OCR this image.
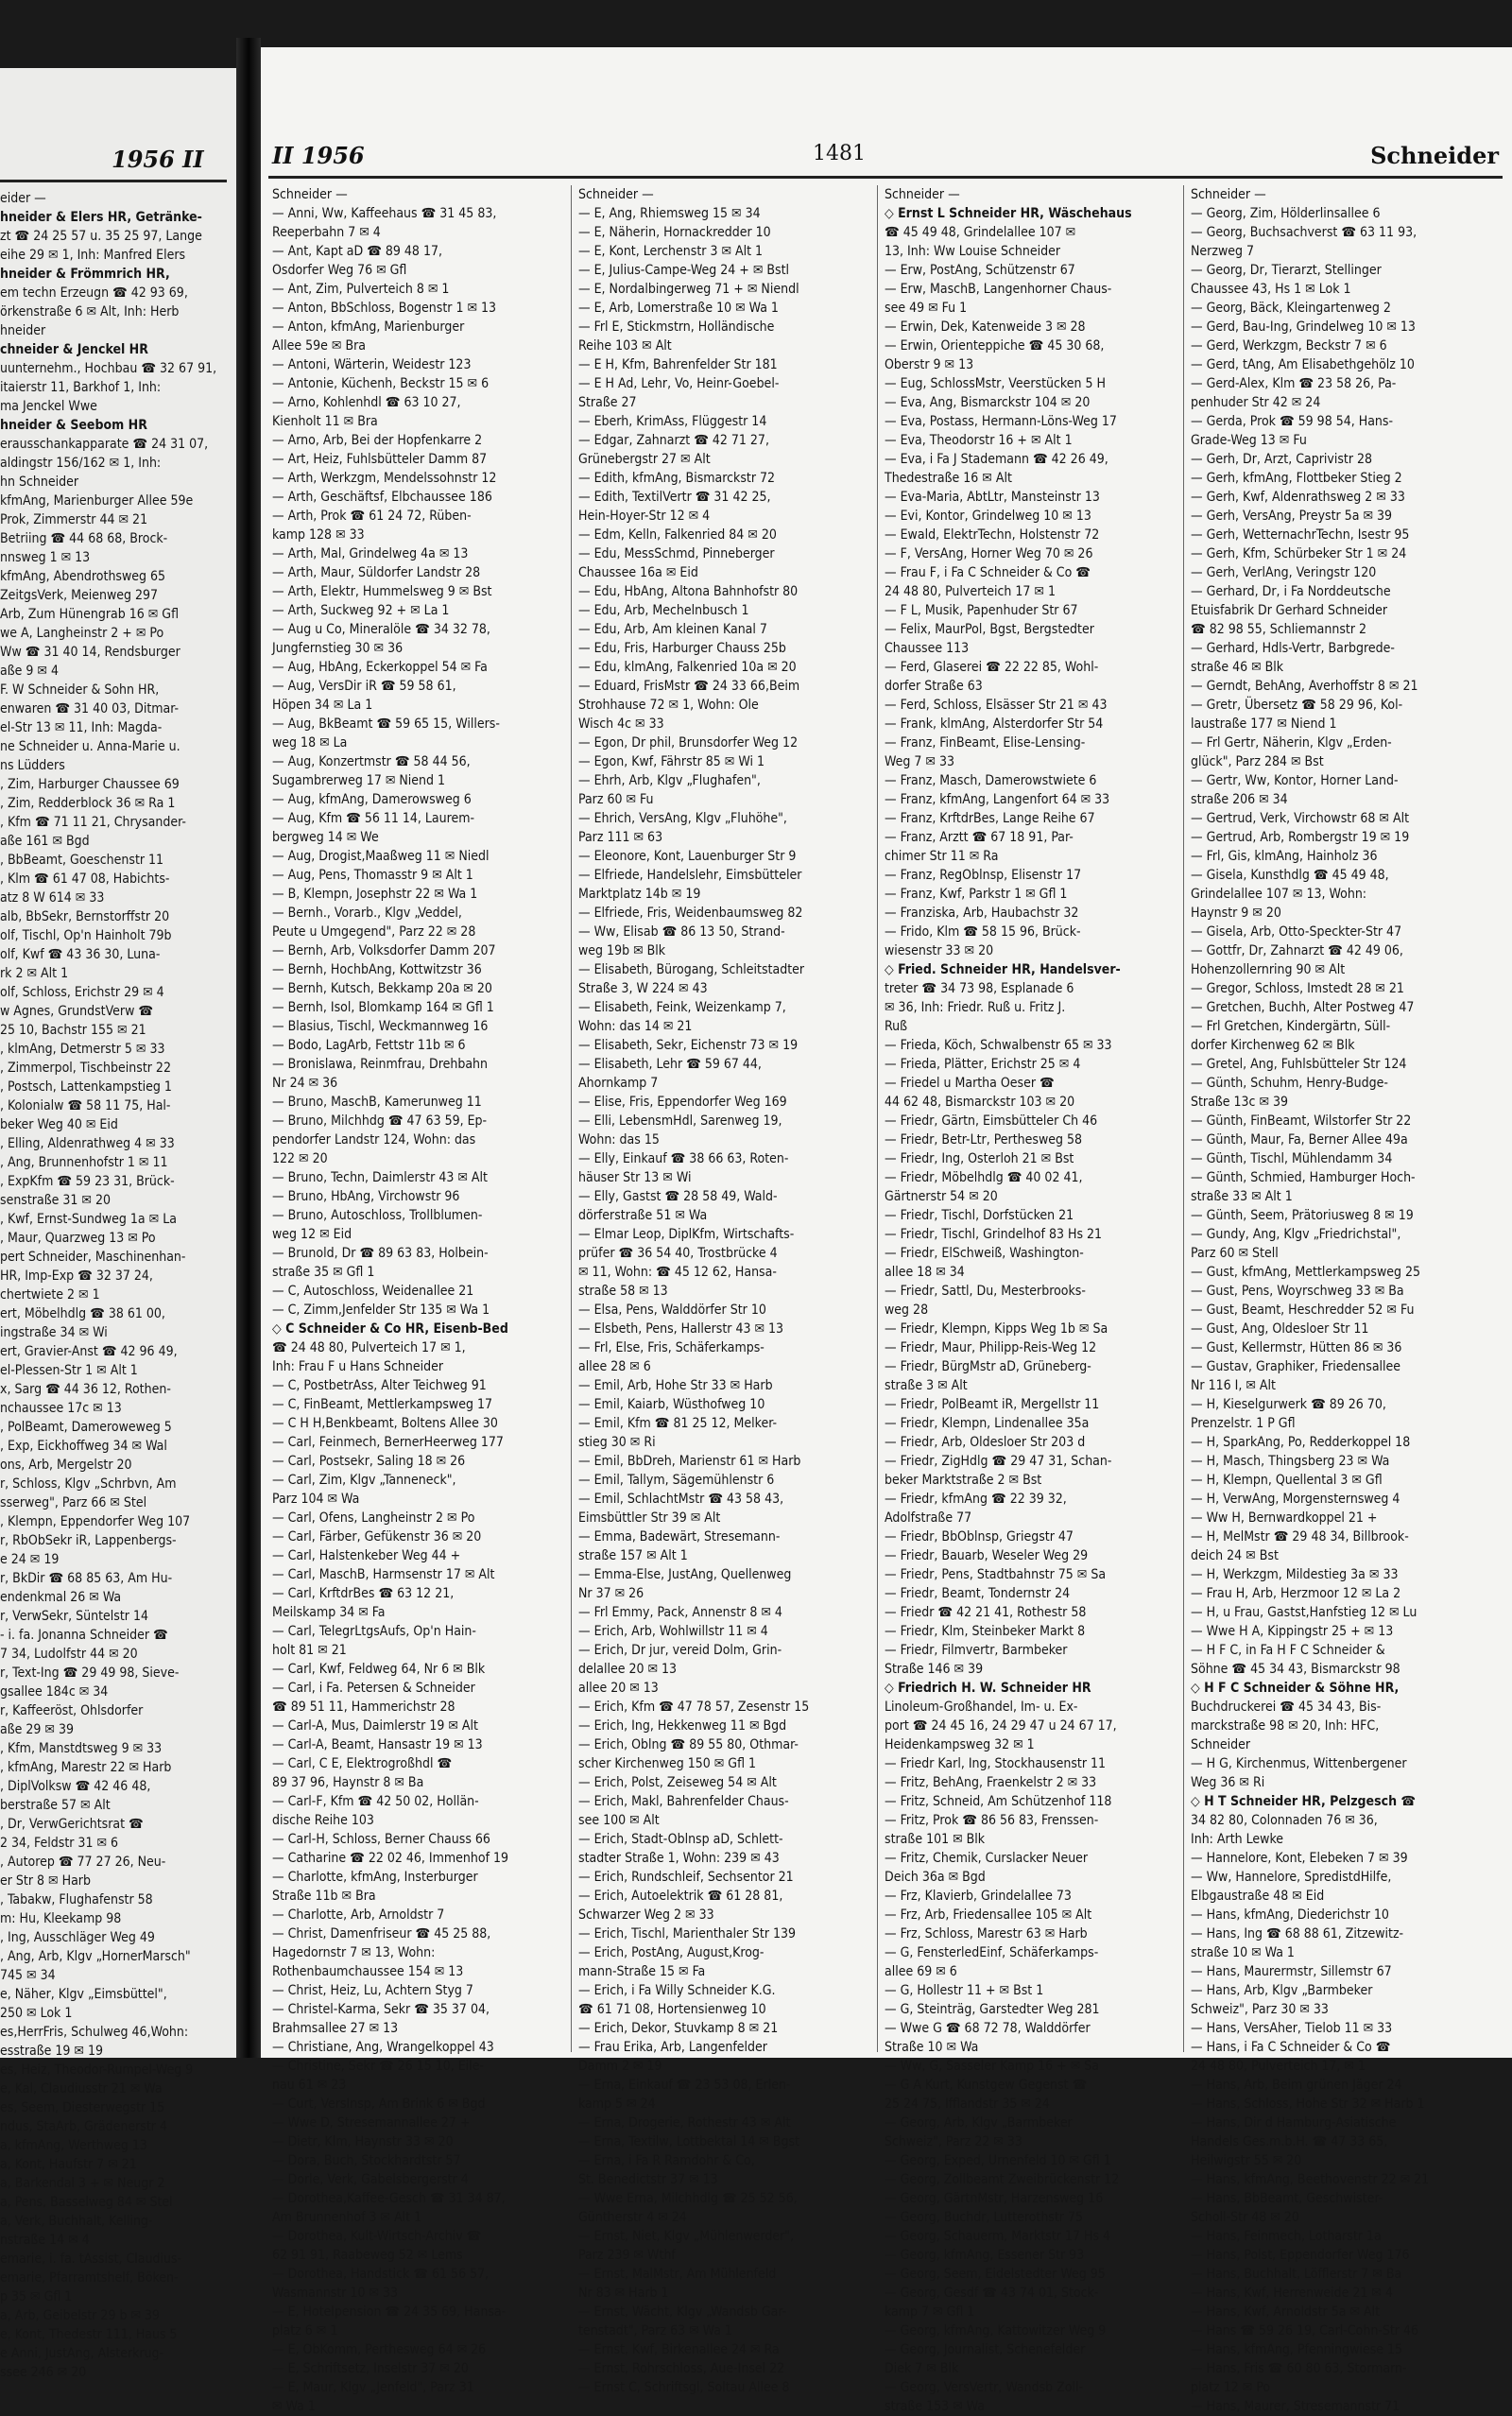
1956 II
eider —
hneider & Elers HR, Getränke-
zt ☎ 24 25 57 u. 35 25 97, Lange
eihe 29 ✉ 1, Inh: Manfred Elers
hneider & Frömmrich HR,
em techn Erzeugn ☎ 42 93 69,
örkenstraße 6 ✉ Alt, Inh: Herb
hneider
chneider & Jenckel HR
uunternehm., Hochbau ☎ 32 67 91,
itaierstr 11, Barkhof 1, Inh:
ma Jenckel Wwe
hneider & Seebom HR
erausschankapparate ☎ 24 31 07,
aldingstr 156/162 ✉ 1, Inh:
hn Schneider
kfmAng, Marienburger Allee 59e
Prok, Zimmerstr 44 ✉ 21
Betriing ☎ 44 68 68, Brock-
nnsweg 1 ✉ 13
kfmAng, Abendrothsweg 65
ZeitgsVerk, Meienweg 297
Arb, Zum Hünengrab 16 ✉ Gfl
we A, Langheinstr 2 + ✉ Po
Ww ☎ 31 40 14, Rendsburger
aße 9 ✉ 4
F. W Schneider & Sohn HR,
enwaren ☎ 31 40 03, Ditmar-
el-Str 13 ✉ 11, Inh: Magda-
ne Schneider u. Anna-Marie u.
ns Lüdders
, Zim, Harburger Chaussee 69
, Zim, Redderblock 36 ✉ Ra 1
, Kfm ☎ 71 11 21, Chrysander-
aße 161 ✉ Bgd
, BbBeamt, Goeschenstr 11
, Klm ☎ 61 47 08, Habichts-
atz 8 W 614 ✉ 33
alb, BbSekr, Bernstorffstr 20
olf, Tischl, Op'n Hainholt 79b
olf, Kwf ☎ 43 36 30, Luna-
rk 2 ✉ Alt 1
olf, Schloss, Erichstr 29 ✉ 4
w Agnes, GrundstVerw ☎
25 10, Bachstr 155 ✉ 21
, klmAng, Detmerstr 5 ✉ 33
, Zimmerpol, Tischbeinstr 22
, Postsch, Lattenkampstieg 1
, Kolonialw ☎ 58 11 75, Hal-
beker Weg 40 ✉ Eid
, Elling, Aldenrathweg 4 ✉ 33
, Ang, Brunnenhofstr 1 ✉ 11
, ExpKfm ☎ 59 23 31, Brück-
senstraße 31 ✉ 20
, Kwf, Ernst-Sundweg 1a ✉ La
, Maur, Quarzweg 13 ✉ Po
pert Schneider, Maschinenhan-
HR, Imp-Exp ☎ 32 37 24,
chertwiete 2 ✉ 1
ert, Möbelhdlg ☎ 38 61 00,
ingstraße 34 ✉ Wi
ert, Gravier-Anst ☎ 42 96 49,
el-Plessen-Str 1 ✉ Alt 1
x, Sarg ☎ 44 36 12, Rothen-
nchaussee 17c ✉ 13
, PolBeamt, Dameroweweg 5
, Exp, Eickhoffweg 34 ✉ Wal
ons, Arb, Mergelstr 20
r, Schloss, Klgv „Schrbvn, Am
sserweg", Parz 66 ✉ Stel
, Klempn, Eppendorfer Weg 107
r, RbObSekr iR, Lappenbergs-
e 24 ✉ 19
r, BkDir ☎ 68 85 63, Am Hu-
endenkmal 26 ✉ Wa
r, VerwSekr, Süntelstr 14
- i. fa. Jonanna Schneider ☎
7 34, Ludolfstr 44 ✉ 20
r, Text-Ing ☎ 29 49 98, Sieve-
gsallee 184c ✉ 34
r, Kaffeeröst, Ohlsdorfer
aße 29 ✉ 39
, Kfm, Manstdtsweg 9 ✉ 33
, kfmAng, Marestr 22 ✉ Harb
, DiplVolksw ☎ 42 46 48,
berstraße 57 ✉ Alt
, Dr, VerwGerichtsrat ☎
2 34, Feldstr 31 ✉ 6
, Autorep ☎ 77 27 26, Neu-
er Str 8 ✉ Harb
, Tabakw, Flughafenstr 58
m: Hu, Kleekamp 98
, Ing, Ausschläger Weg 49
, Ang, Arb, Klgv „HornerMarsch"
745 ✉ 34
e, Näher, Klgv „Eimsbüttel",
250 ✉ Lok 1
es,HerrFris, Schulweg 46,Wohn:
esstraße 19 ✉ 19
es, Heiz, Theodor-Rumpel-Weg 9
e, Kal, Claudiusstr 21 ✉ Wa
es, Seem, Diesterwegstr 15
ndus, StaArb, Grädenerstr 4
a, kfmAng, Werthweg 13
a, Kont, Haufstr 7 ✉ 21
a, Barkendal 3 + ✉ Neugr 2
a, Pens, Basselweg 84 ✉ Stel
a, Verk, Buchhalt, Kelling-
nstraße 14 ✉ 4
emarie, i. fa. tAssist, Claudius-
emarie, Pfarramtshelf, Böken-
p 35 ✉ Gfl 1
a, Arb, Geibelstr 29 b ✉ 39
e, Kont, Thedestr 111, Haus 5
e Anni, JustAng, Alsterkrug-
ssee 246 ✉ 20
II 1956	1481	Schneider
Schneider —
— Anni, Ww, Kaffeehaus ☎ 31 45 83,
Reeperbahn 7 ✉ 4
— Ant, Kapt aD ☎ 89 48 17,
Osdorfer Weg 76 ✉ Gfl
— Ant, Zim, Pulverteich 8 ✉ 1
— Anton, BbSchloss, Bogenstr 1 ✉ 13
— Anton, kfmAng, Marienburger
Allee 59e ✉ Bra
— Antoni, Wärterin, Weidestr 123
— Antonie, Küchenh, Beckstr 15 ✉ 6
— Arno, Kohlenhdl ☎ 63 10 27,
Kienholt 11 ✉ Bra
— Arno, Arb, Bei der Hopfenkarre 2
— Art, Heiz, Fuhlsbütteler Damm 87
— Arth, Werkzgm, Mendelssohnstr 12
— Arth, Geschäftsf, Elbchaussee 186
— Arth, Prok ☎ 61 24 72, Rüben-
kamp 128 ✉ 33
— Arth, Mal, Grindelweg 4a ✉ 13
— Arth, Maur, Süldorfer Landstr 28
— Arth, Elektr, Hummelsweg 9 ✉ Bst
— Arth, Suckweg 92 + ✉ La 1
— Aug u Co, Mineralöle ☎ 34 32 78,
Jungfernstieg 30 ✉ 36
— Aug, HbAng, Eckerkoppel 54 ✉ Fa
— Aug, VersDir iR ☎ 59 58 61,
Höpen 34 ✉ La 1
— Aug, BkBeamt ☎ 59 65 15, Willers-
weg 18 ✉ La
— Aug, Konzertmstr ☎ 58 44 56,
Sugambrerweg 17 ✉ Niend 1
— Aug, kfmAng, Damerowsweg 6
— Aug, Kfm ☎ 56 11 14, Laurem-
bergweg 14 ✉ We
— Aug, Drogist,Maaßweg 11 ✉ Niedl
— Aug, Pens, Thomasstr 9 ✉ Alt 1
— B, Klempn, Josephstr 22 ✉ Wa 1
— Bernh., Vorarb., Klgv „Veddel,
Peute u Umgegend", Parz 22 ✉ 28
— Bernh, Arb, Volksdorfer Damm 207
— Bernh, HochbAng, Kottwitzstr 36
— Bernh, Kutsch, Bekkamp 20a ✉ 20
— Bernh, Isol, Blomkamp 164 ✉ Gfl 1
— Blasius, Tischl, Weckmannweg 16
— Bodo, LagArb, Fettstr 11b ✉ 6
— Bronislawa, Reinmfrau, Drehbahn
Nr 24 ✉ 36
— Bruno, MaschB, Kamerunweg 11
— Bruno, Milchhdg ☎ 47 63 59, Ep-
pendorfer Landstr 124, Wohn: das
122 ✉ 20
— Bruno, Techn, Daimlerstr 43 ✉ Alt
— Bruno, HbAng, Virchowstr 96
— Bruno, Autoschloss, Trollblumen-
weg 12 ✉ Eid
— Brunold, Dr ☎ 89 63 83, Holbein-
straße 35 ✉ Gfl 1
— C, Autoschloss, Weidenallee 21
— C, Zimm,Jenfelder Str 135 ✉ Wa 1
◇ C Schneider & Co HR, Eisenb-Bed
☎ 24 48 80, Pulverteich 17 ✉ 1,
Inh: Frau F u Hans Schneider
— C, PostbetrAss, Alter Teichweg 91
— C, FinBeamt, Mettlerkampsweg 17
— C H H,Benkbeamt, Boltens Allee 30
— Carl, Feinmech, BernerHeerweg 177
— Carl, Postsekr, Saling 18 ✉ 26
— Carl, Zim, Klgv „Tanneneck",
Parz 104 ✉ Wa
— Carl, Ofens, Langheinstr 2 ✉ Po
— Carl, Färber, Gefükenstr 36 ✉ 20
— Carl, Halstenkeber Weg 44 +
— Carl, MaschB, Harmsenstr 17 ✉ Alt
— Carl, KrftdrBes ☎ 63 12 21,
Meilskamp 34 ✉ Fa
— Carl, TelegrLtgsAufs, Op'n Hain-
holt 81 ✉ 21
— Carl, Kwf, Feldweg 64, Nr 6 ✉ Blk
— Carl, i Fa. Petersen & Schneider
☎ 89 51 11, Hammerichstr 28
— Carl-A, Mus, Daimlerstr 19 ✉ Alt
— Carl-A, Beamt, Hansastr 19 ✉ 13
— Carl, C E, Elektrogroßhdl ☎
89 37 96, Haynstr 8 ✉ Ba
— Carl-F, Kfm ☎ 42 50 02, Hollän-
dische Reihe 103
— Carl-H, Schloss, Berner Chauss 66
— Catharine ☎ 22 02 46, Immenhof 19
— Charlotte, kfmAng, Insterburger
Straße 11b ✉ Bra
— Charlotte, Arb, Arnoldstr 7
— Christ, Damenfriseur ☎ 45 25 88,
Hagedornstr 7 ✉ 13, Wohn:
Rothenbaumchaussee 154 ✉ 13
— Christ, Heiz, Lu, Achtern Styg 7
— Christel-Karma, Sekr ☎ 35 37 04,
Brahmsallee 27 ✉ 13
— Christiane, Ang, Wrangelkoppel 43
— Christine, Sekr ☎ 26 15 10, Eile-
nau 61 ✉ 23
— Curt, VersInsp, Am Brink 6 ✉ Bgd
— Wwe D, Stresemannallee 27 +
— Dietr, Klm, Haynstr 33 ✉ 20
— Dora, Buch, Stockhardtstr 57
— Dorle, Verk, Gabelsbergerstr 4
— Dorothea,Kaffee-Gesch ☎ 31 34 87,
Am Brunnenhof 3 ✉ Alt 1
— Dorothea, Kult-Wirtsch-Archiv ☎
62 91 91, Raabeweg 52 ✉ Lems
— Dorothea, Handstick ☎ 61 56 57,
Wasmannstr 10 ✉ 33
— E, Hotelpension ☎ 24 35 69, Hansa-
platz 6 ✉ 1
— E, ObKomm, Perthesweg 64 ✉ 26
— E, Schriftsetz, Inselstr 37 ✉ 20
— E, Maur, Klgv „Jenfeld", Parz 31
✉ Wa 1
Schneider —
— E, Ang, Rhiemsweg 15 ✉ 34
— E, Näherin, Hornackredder 10
— E, Kont, Lerchenstr 3 ✉ Alt 1
— E, Julius-Campe-Weg 24 + ✉ Bstl
— E, Nordalbingerweg 71 + ✉ Niendl
— E, Arb, Lomerstraße 10 ✉ Wa 1
— Frl E, Stickmstrn, Holländische
Reihe 103 ✉ Alt
— E H, Kfm, Bahrenfelder Str 181
— E H Ad, Lehr, Vo, Heinr-Goebel-
Straße 27
— Eberh, KrimAss, Flüggestr 14
— Edgar, Zahnarzt ☎ 42 71 27,
Grünebergstr 27 ✉ Alt
— Edith, kfmAng, Bismarckstr 72
— Edith, TextilVertr ☎ 31 42 25,
Hein-Hoyer-Str 12 ✉ 4
— Edm, Kelln, Falkenried 84 ✉ 20
— Edu, MessSchmd, Pinneberger
Chaussee 16a ✉ Eid
— Edu, HbAng, Altona Bahnhofstr 80
— Edu, Arb, Mechelnbusch 1
— Edu, Arb, Am kleinen Kanal 7
— Edu, Fris, Harburger Chauss 25b
— Edu, klmAng, Falkenried 10a ✉ 20
— Eduard, FrisMstr ☎ 24 33 66,Beim
Strohhause 72 ✉ 1, Wohn: Ole
Wisch 4c ✉ 33
— Egon, Dr phil, Brunsdorfer Weg 12
— Egon, Kwf, Fährstr 85 ✉ Wi 1
— Ehrh, Arb, Klgv „Flughafen",
Parz 60 ✉ Fu
— Ehrich, VersAng, Klgv „Fluhöhe",
Parz 111 ✉ 63
— Eleonore, Kont, Lauenburger Str 9
— Elfriede, Handelslehr, Eimsbütteler
Marktplatz 14b ✉ 19
— Elfriede, Fris, Weidenbaumsweg 82
— Ww, Elisab ☎ 86 13 50, Strand-
weg 19b ✉ Blk
— Elisabeth, Bürogang, Schleitstadter
Straße 3, W 224 ✉ 43
— Elisabeth, Feink, Weizenkamp 7,
Wohn: das 14 ✉ 21
— Elisabeth, Sekr, Eichenstr 73 ✉ 19
— Elisabeth, Lehr ☎ 59 67 44,
Ahornkamp 7
— Elise, Fris, Eppendorfer Weg 169
— Elli, LebensmHdl, Sarenweg 19,
Wohn: das 15
— Elly, Einkauf ☎ 38 66 63, Roten-
häuser Str 13 ✉ Wi
— Elly, Gastst ☎ 28 58 49, Wald-
dörferstraße 51 ✉ Wa
— Elmar Leop, DiplKfm, Wirtschafts-
prüfer ☎ 36 54 40, Trostbrücke 4
✉ 11, Wohn: ☎ 45 12 62, Hansa-
straße 58 ✉ 13
— Elsa, Pens, Walddörfer Str 10
— Elsbeth, Pens, Hallerstr 43 ✉ 13
— Frl, Else, Fris, Schäferkamps-
allee 28 ✉ 6
— Emil, Arb, Hohe Str 33 ✉ Harb
— Emil, Kaiarb, Wüsthofweg 10
— Emil, Kfm ☎ 81 25 12, Melker-
stieg 30 ✉ Ri
— Emil, BbDreh, Marienstr 61 ✉ Harb
— Emil, Tallym, Sägemühlenstr 6
— Emil, SchlachtMstr ☎ 43 58 43,
Eimsbüttler Str 39 ✉ Alt
— Emma, Badewärt, Stresemann-
straße 157 ✉ Alt 1
— Emma-Else, JustAng, Quellenweg
Nr 37 ✉ 26
— Frl Emmy, Pack, Annenstr 8 ✉ 4
— Erich, Arb, Wohlwillstr 11 ✉ 4
— Erich, Dr jur, vereid Dolm, Grin-
delallee 20 ✉ 13
allee 20 ✉ 13
— Erich, Kfm ☎ 47 78 57, Zesenstr 15
— Erich, Ing, Hekkenweg 11 ✉ Bgd
— Erich, Oblng ☎ 89 55 80, Othmar-
scher Kirchenweg 150 ✉ Gfl 1
— Erich, Polst, Zeiseweg 54 ✉ Alt
— Erich, Makl, Bahrenfelder Chaus-
see 100 ✉ Alt
— Erich, Stadt-Oblnsp aD, Schlett-
stadter Straße 1, Wohn: 239 ✉ 43
— Erich, Rundschleif, Sechsentor 21
— Erich, Autoelektrik ☎ 61 28 81,
Schwarzer Weg 2 ✉ 33
— Erich, Tischl, Marienthaler Str 139
— Erich, PostAng, August,Krog-
mann-Straße 15 ✉ Fa
— Erich, i Fa Willy Schneider K.G.
☎ 61 71 08, Hortensienweg 10
— Erich, Dekor, Stuvkamp 8 ✉ 21
— Frau Erika, Arb, Langenfelder
Damm 2 ✉ 19
— Erna, Einkauf ☎ 23 53 08, Erlen-
kamp 5 ✉ 24
— Erna, Drogerie, Rothestr 43 ✉ Alt
— Erna, Textilw, Lottbektal 14 ✉ Bgst
— Erna, i Fa R Ramdohr & Co,
St. Benedictstr 37 ✉ 13
— Wwe Erna, Milchhdlg ☎ 25 52 56,
Güntherstr 4 ✉ 24
— Ernst, Niet, Klgv „Mühlenwerder",
Parz 239 ✉ Wthf
— Ernst, MalMstr, Am Mühlenfeld
Nr 83 ✉ Harb 1
— Ernst, Wächt, Klgv „Wandsb Gar-
tenstadt", Parz 63 ✉ Wa 1
— Ernst, Kwf, Birkenallee 24 ✉ Ra
— Ernst, Rohrschloss, Aue-Insel 22
— Ernst C, Schriftsgl, Soltau Allee 8
Schneider —
◇ Ernst L Schneider HR, Wäschehaus
☎ 45 49 48, Grindelallee 107 ✉
13, Inh: Ww Louise Schneider
— Erw, PostAng, Schützenstr 67
— Erw, MaschB, Langenhorner Chaus-
see 49 ✉ Fu 1
— Erwin, Dek, Katenweide 3 ✉ 28
— Erwin, Orienteppiche ☎ 45 30 68,
Oberstr 9 ✉ 13
— Eug, SchlossMstr, Veerstücken 5 H
— Eva, Ang, Bismarckstr 104 ✉ 20
— Eva, Postass, Hermann-Löns-Weg 17
— Eva, Theodorstr 16 + ✉ Alt 1
— Eva, i Fa J Stademann ☎ 42 26 49,
Thedestraße 16 ✉ Alt
— Eva-Maria, AbtLtr, Mansteinstr 13
— Evi, Kontor, Grindelweg 10 ✉ 13
— Ewald, ElektrTechn, Holstenstr 72
— F, VersAng, Horner Weg 70 ✉ 26
— Frau F, i Fa C Schneider & Co ☎
24 48 80, Pulverteich 17 ✉ 1
— F L, Musik, Papenhuder Str 67
— Felix, MaurPol, Bgst, Bergstedter
Chaussee 113
— Ferd, Glaserei ☎ 22 22 85, Wohl-
dorfer Straße 63
— Ferd, Schloss, Elsässer Str 21 ✉ 43
— Frank, klmAng, Alsterdorfer Str 54
— Franz, FinBeamt, Elise-Lensing-
Weg 7 ✉ 33
— Franz, Masch, Damerowstwiete 6
— Franz, kfmAng, Langenfort 64 ✉ 33
— Franz, KrftdrBes, Lange Reihe 67
— Franz, Arztt ☎ 67 18 91, Par-
chimer Str 11 ✉ Ra
— Franz, RegOblnsp, Elisenstr 17
— Franz, Kwf, Parkstr 1 ✉ Gfl 1
— Franziska, Arb, Haubachstr 32
— Frido, Klm ☎ 58 15 96, Brück-
wiesenstr 33 ✉ 20
◇ Fried. Schneider HR, Handelsver-
treter ☎ 34 73 98, Esplanade 6
✉ 36, Inh: Friedr. Ruß u. Fritz J.
Ruß
— Frieda, Köch, Schwalbenstr 65 ✉ 33
— Frieda, Plätter, Erichstr 25 ✉ 4
— Friedel u Martha Oeser ☎
44 62 48, Bismarckstr 103 ✉ 20
— Friedr, Gärtn, Eimsbütteler Ch 46
— Friedr, Betr-Ltr, Perthesweg 58
— Friedr, Ing, Osterloh 21 ✉ Bst
— Friedr, Möbelhdlg ☎ 40 02 41,
Gärtnerstr 54 ✉ 20
— Friedr, Tischl, Dorfstücken 21
— Friedr, Tischl, Grindelhof 83 Hs 21
— Friedr, ElSchweiß, Washington-
allee 18 ✉ 34
— Friedr, Sattl, Du, Mesterbrooks-
weg 28
— Friedr, Klempn, Kipps Weg 1b ✉ Sa
— Friedr, Maur, Philipp-Reis-Weg 12
— Friedr, BürgMstr aD, Grüneberg-
straße 3 ✉ Alt
— Friedr, PolBeamt iR, Mergellstr 11
— Friedr, Klempn, Lindenallee 35a
— Friedr, Arb, Oldesloer Str 203 d
— Friedr, ZigHdlg ☎ 29 47 31, Schan-
beker Marktstraße 2 ✉ Bst
— Friedr, kfmAng ☎ 22 39 32,
Adolfstraße 77
— Friedr, BbOblnsp, Griegstr 47
— Friedr, Bauarb, Weseler Weg 29
— Friedr, Pens, Stadtbahnstr 75 ✉ Sa
— Friedr, Beamt, Tondernstr 24
— Friedr ☎ 42 21 41, Rothestr 58
— Friedr, Klm, Steinbeker Markt 8
— Friedr, Filmvertr, Barmbeker
Straße 146 ✉ 39
◇ Friedrich H. W. Schneider HR
Linoleum-Großhandel, Im- u. Ex-
port ☎ 24 45 16, 24 29 47 u 24 67 17,
Heidenkampsweg 32 ✉ 1
— Friedr Karl, Ing, Stockhausenstr 11
— Fritz, BehAng, Fraenkelstr 2 ✉ 33
— Fritz, Schneid, Am Schützenhof 118
— Fritz, Prok ☎ 86 56 83, Frenssen-
straße 101 ✉ Blk
— Fritz, Chemik, Curslacker Neuer
Deich 36a ✉ Bgd
— Frz, Klavierb, Grindelallee 73
— Frz, Arb, Friedensallee 105 ✉ Alt
— Frz, Schloss, Marestr 63 ✉ Harb
— G, FensterledEinf, Schäferkamps-
allee 69 ✉ 6
— G, Hollestr 11 + ✉ Bst 1
— G, Steinträg, Garstedter Weg 281
— Wwe G ☎ 68 72 78, Walddörfer
Straße 10 ✉ Wa
— Ww, G, Sasseler Kamp 16 + ✉ Sa
— G A Kurt, Kunstgew Gegenst ☎
25 24 75, Ifflandstr 35 ✉ 24
— Georg, Arb, Klgv „Barmbeker
Schweiz", Parz 22 ✉ 33
— Georg, Exped, Urnenfeld 10 ✉ Gfl 1
— Georg, Zollbeamt Zweibrückenstr 12
— Georg, GärtnMstr, Harzensweg 16
— Georg, Buchdr, Lutterothstr 75
— Georg, Schauerm, Marktstr 17 Hs 4
— Georg, kfmAng, Essener Str 93
— Georg, Seem, Eidelstedter Weg 95
— Georg, Gesdf ☎ 43 74 01, Stock-
kamp 7 ✉ Gfl 1
— Georg, kfmAng, Kattowitzer Weg 9
— Georg, Journalist, Schenefelder
Diek 7 ✉ Blk
— Georg, VersVertr, Wandsb Zoll-
straße 153 ✉ Wa
Schneider —
— Georg, Zim, Hölderlinsallee 6
— Georg, Buchsachverst ☎ 63 11 93,
Nerzweg 7
— Georg, Dr, Tierarzt, Stellinger
Chaussee 43, Hs 1 ✉ Lok 1
— Georg, Bäck, Kleingartenweg 2
— Gerd, Bau-Ing, Grindelweg 10 ✉ 13
— Gerd, Werkzgm, Beckstr 7 ✉ 6
— Gerd, tAng, Am Elisabethgehölz 10
— Gerd-Alex, Klm ☎ 23 58 26, Pa-
penhuder Str 42 ✉ 24
— Gerda, Prok ☎ 59 98 54, Hans-
Grade-Weg 13 ✉ Fu
— Gerh, Dr, Arzt, Caprivistr 28
— Gerh, kfmAng, Flottbeker Stieg 2
— Gerh, Kwf, Aldenrathsweg 2 ✉ 33
— Gerh, VersAng, Preystr 5a ✉ 39
— Gerh, WetternachrTechn, Isestr 95
— Gerh, Kfm, Schürbeker Str 1 ✉ 24
— Gerh, VerlAng, Veringstr 120
— Gerhard, Dr, i Fa Norddeutsche
Etuisfabrik Dr Gerhard Schneider
☎ 82 98 55, Schliemannstr 2
— Gerhard, Hdls-Vertr, Barbgrede-
straße 46 ✉ Blk
— Gerndt, BehAng, Averhoffstr 8 ✉ 21
— Gretr, Übersetz ☎ 58 29 96, Kol-
laustraße 177 ✉ Niend 1
— Frl Gertr, Näherin, Klgv „Erden-
glück", Parz 284 ✉ Bst
— Gertr, Ww, Kontor, Horner Land-
straße 206 ✉ 34
— Gertrud, Verk, Virchowstr 68 ✉ Alt
— Gertrud, Arb, Rombergstr 19 ✉ 19
— Frl, Gis, klmAng, Hainholz 36
— Gisela, Kunsthdlg ☎ 45 49 48,
Grindelallee 107 ✉ 13, Wohn:
Haynstr 9 ✉ 20
— Gisela, Arb, Otto-Speckter-Str 47
— Gottfr, Dr, Zahnarzt ☎ 42 49 06,
Hohenzollernring 90 ✉ Alt
— Gregor, Schloss, Imstedt 28 ✉ 21
— Gretchen, Buchh, Alter Postweg 47
— Frl Gretchen, Kindergärtn, Süll-
dorfer Kirchenweg 62 ✉ Blk
— Gretel, Ang, Fuhlsbütteler Str 124
— Günth, Schuhm, Henry-Budge-
Straße 13c ✉ 39
— Günth, FinBeamt, Wilstorfer Str 22
— Günth, Maur, Fa, Berner Allee 49a
— Günth, Tischl, Mühlendamm 34
— Günth, Schmied, Hamburger Hoch-
straße 33 ✉ Alt 1
— Günth, Seem, Prätoriusweg 8 ✉ 19
— Gundy, Ang, Klgv „Friedrichstal",
Parz 60 ✉ Stell
— Gust, kfmAng, Mettlerkampsweg 25
— Gust, Pens, Woyrschweg 33 ✉ Ba
— Gust, Beamt, Heschredder 52 ✉ Fu
— Gust, Ang, Oldesloer Str 11
— Gust, Kellermstr, Hütten 86 ✉ 36
— Gustav, Graphiker, Friedensallee
Nr 116 I, ✉ Alt
— H, Kieselgurwerk ☎ 89 26 70,
Prenzelstr. 1 P Gfl
— H, SparkAng, Po, Redderkoppel 18
— H, Masch, Thingsberg 23 ✉ Wa
— H, Klempn, Quellental 3 ✉ Gfl
— H, VerwAng, Morgensternsweg 4
— Ww H, Bernwardkoppel 21 +
— H, MelMstr ☎ 29 48 34, Billbrook-
deich 24 ✉ Bst
— H, Werkzgm, Mildestieg 3a ✉ 33
— Frau H, Arb, Herzmoor 12 ✉ La 2
— H, u Frau, Gastst,Hanfstieg 12 ✉ Lu
— Wwe H A, Kippingstr 25 + ✉ 13
— H F C, in Fa H F C Schneider &
Söhne ☎ 45 34 43, Bismarckstr 98
◇ H F C Schneider & Söhne HR,
Buchdruckerei ☎ 45 34 43, Bis-
marckstraße 98 ✉ 20, Inh: HFC,
Schneider
— H G, Kirchenmus, Wittenbergener
Weg 36 ✉ Ri
◇ H T Schneider HR, Pelzgesch ☎
34 82 80, Colonnaden 76 ✉ 36,
Inh: Arth Lewke
— Hannelore, Kont, Elebeken 7 ✉ 39
— Ww, Hannelore, SpredistdHilfe,
Elbgaustraße 48 ✉ Eid
— Hans, kfmAng, Diederichstr 10
— Hans, Ing ☎ 68 88 61, Zitzewitz-
straße 10 ✉ Wa 1
— Hans, Maurermstr, Sillemstr 67
— Hans, Arb, Klgv „Barmbeker
Schweiz", Parz 30 ✉ 33
— Hans, VersAher, Tielob 11 ✉ 33
— Hans, i Fa C Schneider & Co ☎
24 48 80, Pulverteich 17, ✉ 1
— Hans, Arb, Beim grünen Jäger 24
— Hans, Schloss, Hohe Str 32 ✉ Harb 1
— Hans, Dir d Hamburg-Asiatische
Handels Ges.m.b.H. ☎ 47 33 65,
Heilwigstr 55 ✉ 20
— Hans, kfmAng, Beethovenstr 22 ✉ 21
— Hans, BbBeamt, Geschwister-
Scholl-Str 48 ✉ 20
— Hans, Feinmech, Lotharstr 1a
— Hans, Polst, Eppendorfer Weg 176
— Hans, Buchhalt, Löfflerstr 7 ✉ Ba
— Hans, Kwf, Herrenweide 21 ✉ 4
— Hans, Kwf, Arnoldstr 5a ✉ Alt
— Hans ☎ 59 26 19, Carl-Cohn-Str 46
— Hans, kfmAng, Pfenningwiese 15
— Hans, Fris ☎ 60 80 63, Stormarn-
platz 12 ✉ Po
— Hans, Maurer, Stresemannstr 71
